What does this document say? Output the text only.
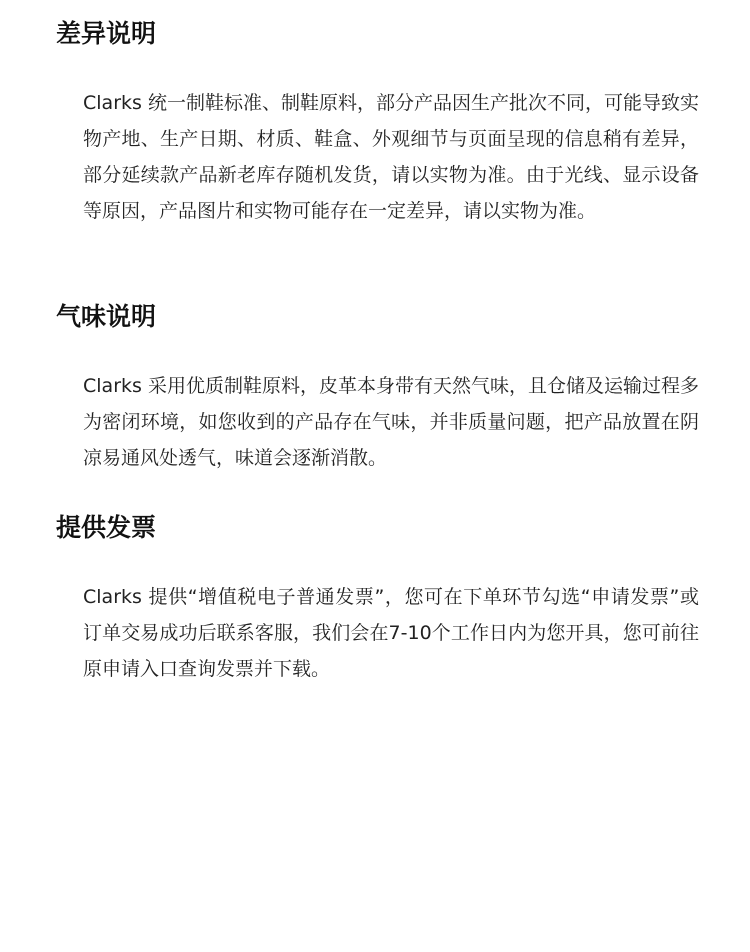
差异说明

Clarks 统一制鞋标准、制鞋原料，部分产品因生产批次不同，可能导致实物产地、生产日期、材质、鞋盒、外观细节与页面呈现的信息稍有差异，部分延续款产品新老库存随机发货，请以实物为准。由于光线、显示设备等原因，产品图片和实物可能存在一定差异，请以实物为准。

气味说明

Clarks 采用优质制鞋原料，皮革本身带有天然气味，且仓储及运输过程多为密闭环境，如您收到的产品存在气味，并非质量问题，把产品放置在阴凉易通风处透气，味道会逐渐消散。

提供发票

Clarks 提供“增值税电子普通发票”，您可在下单环节勾选“申请发票”或订单交易成功后联系客服，我们会在7-10个工作日内为您开具，您可前往原申请入口查询发票并下载。
